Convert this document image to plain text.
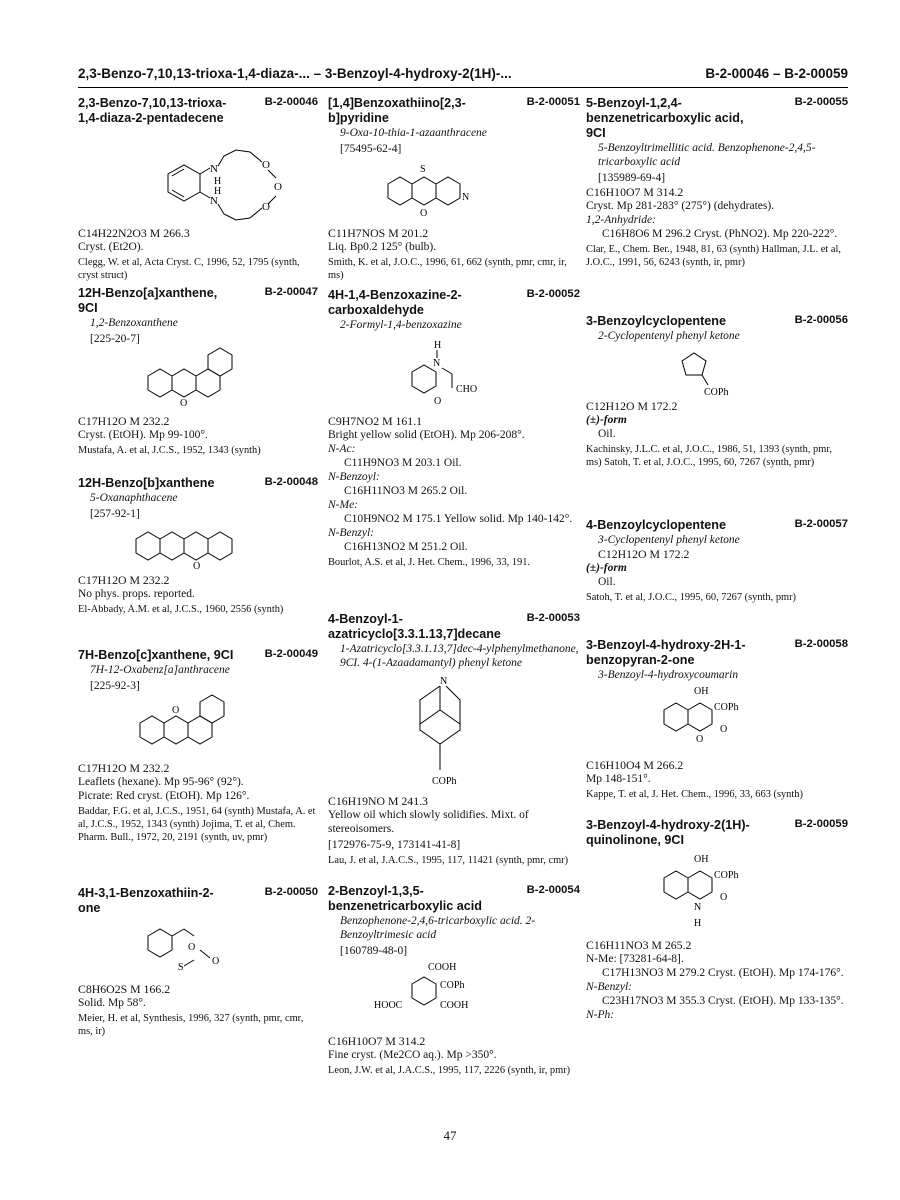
2,3-Benzo-7,10,13-trioxa-1,4-diaza-... – 3-Benzoyl-4-hydroxy-2(1H)-...	B-2-00046 – B-2-00059
2,3-Benzo-7,10,13-trioxa-1,4-diaza-2-pentadecene
B-2-00046
N
H
N
H
O
O
O
C14H22N2O3 M 266.3
Cryst. (Et2O).
Clegg, W. et al, Acta Cryst. C, 1996, 52, 1795 (synth, cryst struct)
12H-Benzo[a]xanthene, 9CI
B-2-00047
1,2-Benzoxanthene
[225-20-7]
O
C17H12O M 232.2
Cryst. (EtOH). Mp 99-100°.
Mustafa, A. et al, J.C.S., 1952, 1343 (synth)
12H-Benzo[b]xanthene	B-2-00048
5-Oxanaphthacene
[257-92-1]
O
C17H12O M 232.2
No phys. props. reported.
El-Abbady, A.M. et al, J.C.S., 1960, 2556 (synth)
7H-Benzo[c]xanthene, 9CI	B-2-00049
7H-12-Oxabenz[a]anthracene
[225-92-3]
O
C17H12O M 232.2
Leaflets (hexane). Mp 95-96° (92°).
Picrate: Red cryst. (EtOH). Mp 126°.
Baddar, F.G. et al, J.C.S., 1951, 64 (synth) Mustafa, A. et al, J.C.S., 1952, 1343 (synth) Jojima, T. et al, Chem. Pharm. Bull., 1972, 20, 2191 (synth, uv, pmr)
4H-3,1-Benzoxathiin-2-one
B-2-00050
O
O
S
C8H6O2S M 166.2
Solid. Mp 58°.
Meier, H. et al, Synthesis, 1996, 327 (synth, pmr, cmr, ms, ir)
[1,4]Benzoxathiino[2,3-b]pyridine
B-2-00051
9-Oxa-10-thia-1-azaanthracene
[75495-62-4]
S
O
N
C11H7NOS M 201.2
Liq. Bp0.2 125° (bulb).
Smith, K. et al, J.O.C., 1996, 61, 662 (synth, pmr, cmr, ir, ms)
4H-1,4-Benzoxazine-2-carboxaldehyde
B-2-00052
2-Formyl-1,4-benzoxazine
H
N
CHO
O
C9H7NO2 M 161.1
Bright yellow solid (EtOH). Mp 206-208°.
N-Ac:
C11H9NO3 M 203.1 Oil.
N-Benzoyl:
C16H11NO3 M 265.2 Oil.
N-Me:
C10H9NO2 M 175.1 Yellow solid. Mp 140-142°.
N-Benzyl:
C16H13NO2 M 251.2 Oil.
Bourlot, A.S. et al, J. Het. Chem., 1996, 33, 191.
4-Benzoyl-1-azatricyclo[3.3.1.13,7]decane
B-2-00053
1-Azatricyclo[3.3.1.13,7]dec-4-ylphenylmethanone, 9CI. 4-(1-Azaadamantyl) phenyl ketone
N
COPh
C16H19NO M 241.3
Yellow oil which slowly solidifies. Mixt. of stereoisomers.
[172976-75-9, 173141-41-8]
Lau, J. et al, J.A.C.S., 1995, 117, 11421 (synth, pmr, cmr)
2-Benzoyl-1,3,5-benzenetricarboxylic acid
B-2-00054
Benzophenone-2,4,6-tricarboxylic acid. 2-Benzoyltrimesic acid
[160789-48-0]
COOH
COPh
HOOC	COOH
C16H10O7 M 314.2
Fine cryst. (Me2CO aq.). Mp >350°.
Leon, J.W. et al, J.A.C.S., 1995, 117, 2226 (synth, ir, pmr)
5-Benzoyl-1,2,4-benzenetricarboxylic acid, 9CI
B-2-00055
5-Benzoyltrimellitic acid. Benzophenone-2,4,5-tricarboxylic acid
[135989-69-4]
C16H10O7 M 314.2
Cryst. Mp 281-283° (275°) (dehydrates).
1,2-Anhydride:
C16H8O6 M 296.2 Cryst. (PhNO2). Mp 220-222°.
Clar, E., Chem. Ber., 1948, 81, 63 (synth) Hallman, J.L. et al, J.O.C., 1991, 56, 6243 (synth, ir, pmr)
3-Benzoylcyclopentene	B-2-00056
2-Cyclopentenyl phenyl ketone
COPh
C12H12O M 172.2
(±)-form
Oil.
Kachinsky, J.L.C. et al, J.O.C., 1986, 51, 1393 (synth, pmr, ms) Satoh, T. et al, J.O.C., 1995, 60, 7267 (synth, pmr)
4-Benzoylcyclopentene	B-2-00057
3-Cyclopentenyl phenyl ketone
C12H12O M 172.2
(±)-form
Oil.
Satoh, T. et al, J.O.C., 1995, 60, 7267 (synth, pmr)
3-Benzoyl-4-hydroxy-2H-1-benzopyran-2-one
B-2-00058
3-Benzoyl-4-hydroxycoumarin
OH
COPh
O
O
C16H10O4 M 266.2
Mp 148-151°.
Kappe, T. et al, J. Het. Chem., 1996, 33, 663 (synth)
3-Benzoyl-4-hydroxy-2(1H)-quinolinone, 9CI
B-2-00059
OH
COPh
N
O
H
C16H11NO3 M 265.2
N-Me: [73281-64-8].
C17H13NO3 M 279.2 Cryst. (EtOH). Mp 174-176°.
N-Benzyl:
C23H17NO3 M 355.3 Cryst. (EtOH). Mp 133-135°.
N-Ph:
47
